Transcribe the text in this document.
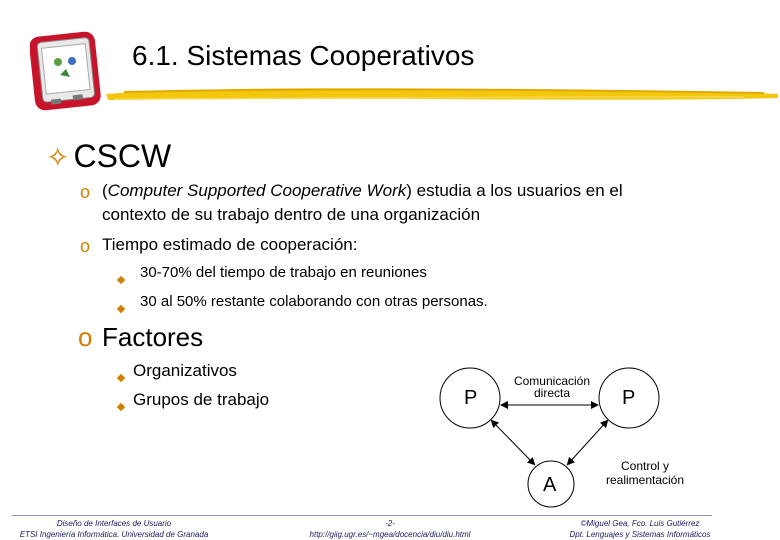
6.1. Sistemas Cooperativos
✧ CSCW
o (Computer Supported Cooperative Work) estudia a los usuarios en el
contexto de su trabajo dentro de una organización
o Tiempo estimado de cooperación:
30-70% del tiempo de trabajo en reuniones
30 al 50% restante colaborando con otras personas.
o Factores
Organizativos
Grupos de trabajo	P	P
A
Comunicación
directa
Control y
realimentación
Diseño de Interfaces de Usuario
ETSI Ingeniería Informática. Universidad de Granada
-2-
http://giig.ugr.es/~mgea/docencia/diu/diu.html
©Miguel Gea, Fco. Luis Gutiérrez
Dpt. Lenguajes y Sistemas Informáticos
